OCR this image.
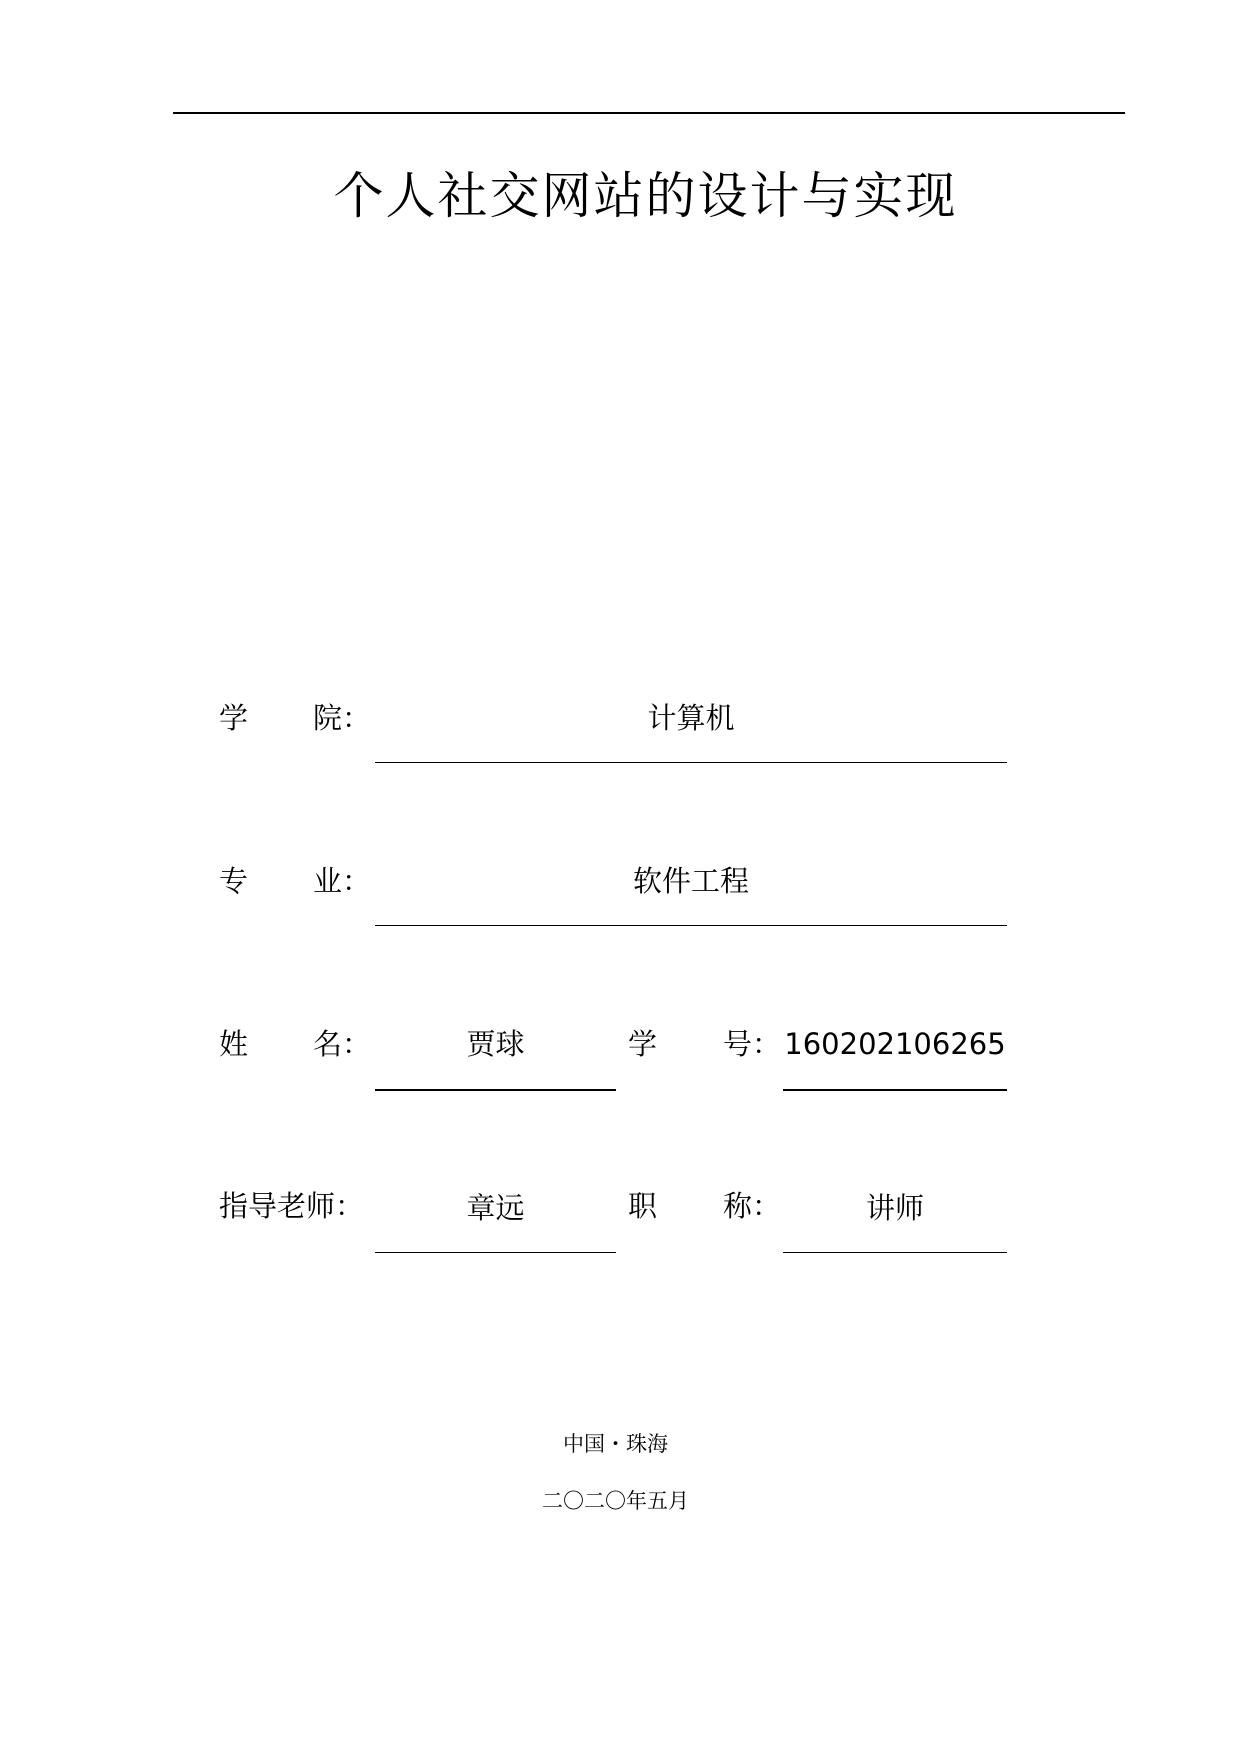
个人社交网站的设计与实现
学 院：	计算机
专 业：	软件工程
姓 名：	贾球	学 号： 160202106265
指导老师：	章远	职 称：	讲师
中国・珠海
二〇二〇年五月
